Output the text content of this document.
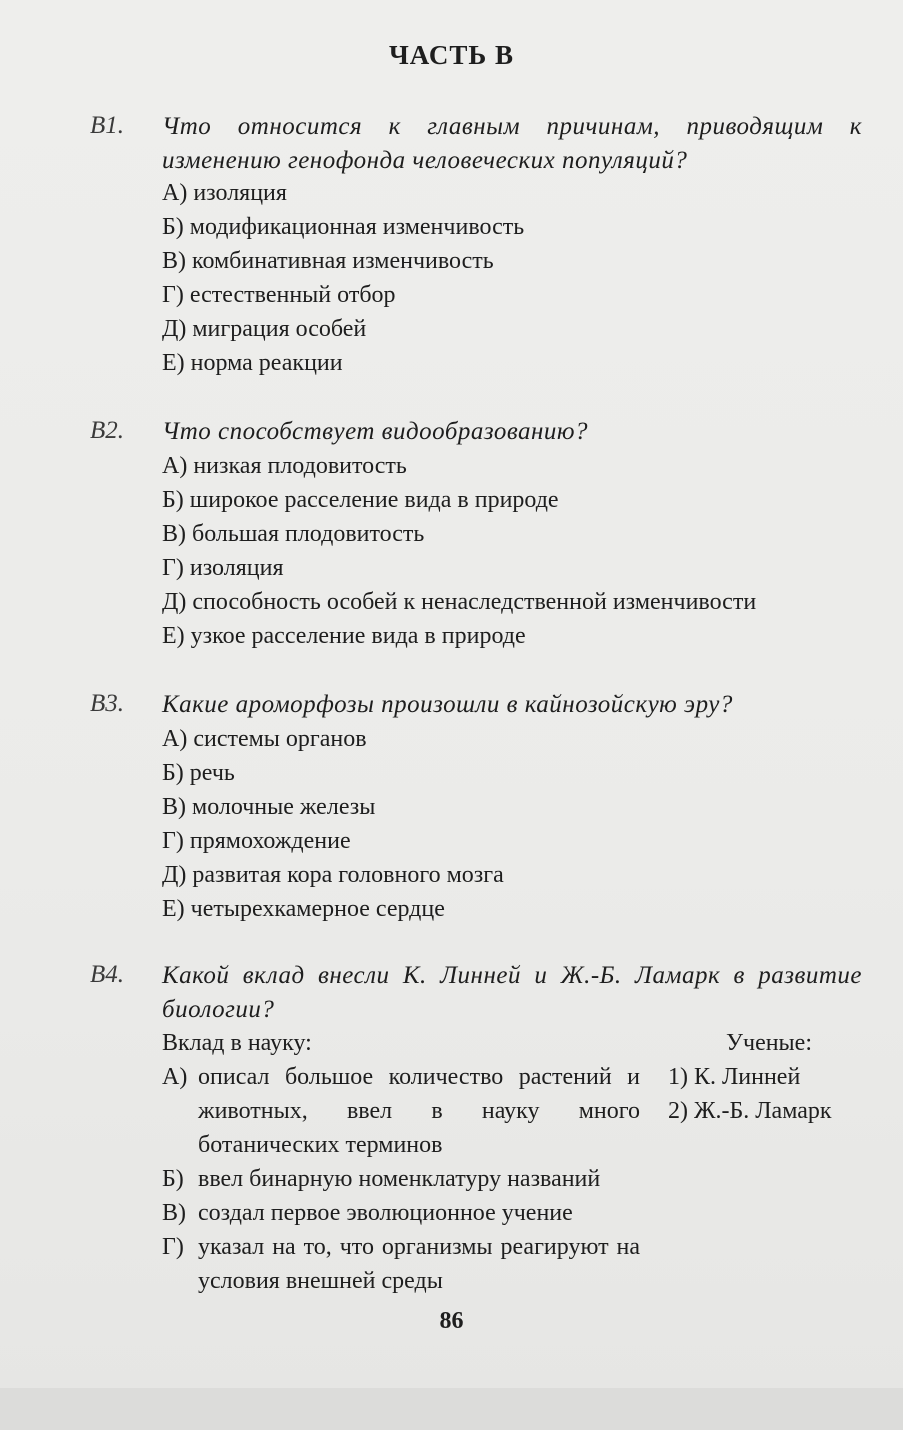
ЧАСТЬ В
В1. Что относится к главным причинам, приводящим к изменению генофонда человеческих популяций?
А) изоляция
Б) модификационная изменчивость
В) комбинативная изменчивость
Г) естественный отбор
Д) миграция особей
Е) норма реакции
В2. Что способствует видообразованию?
А) низкая плодовитость
Б) широкое расселение вида в природе
В) большая плодовитость
Г) изоляция
Д) способность особей к ненаследственной изменчивости
Е) узкое расселение вида в природе
В3. Какие ароморфозы произошли в кайнозойскую эру?
А) системы органов
Б) речь
В) молочные железы
Г) прямохождение
Д) развитая кора головного мозга
Е) четырехкамерное сердце
В4. Какой вклад внесли К. Линней и Ж.-Б. Ламарк в развитие биологии?
Вклад в науку:	Ученые:
А) описал большое количество растений и животных, ввел в науку много ботанических терминов
Б) ввел бинарную номенклатуру названий
В) создал первое эволюционное учение
Г) указал на то, что организмы реагируют на условия внешней среды
1) К. Линней
2) Ж.-Б. Ламарк
86
